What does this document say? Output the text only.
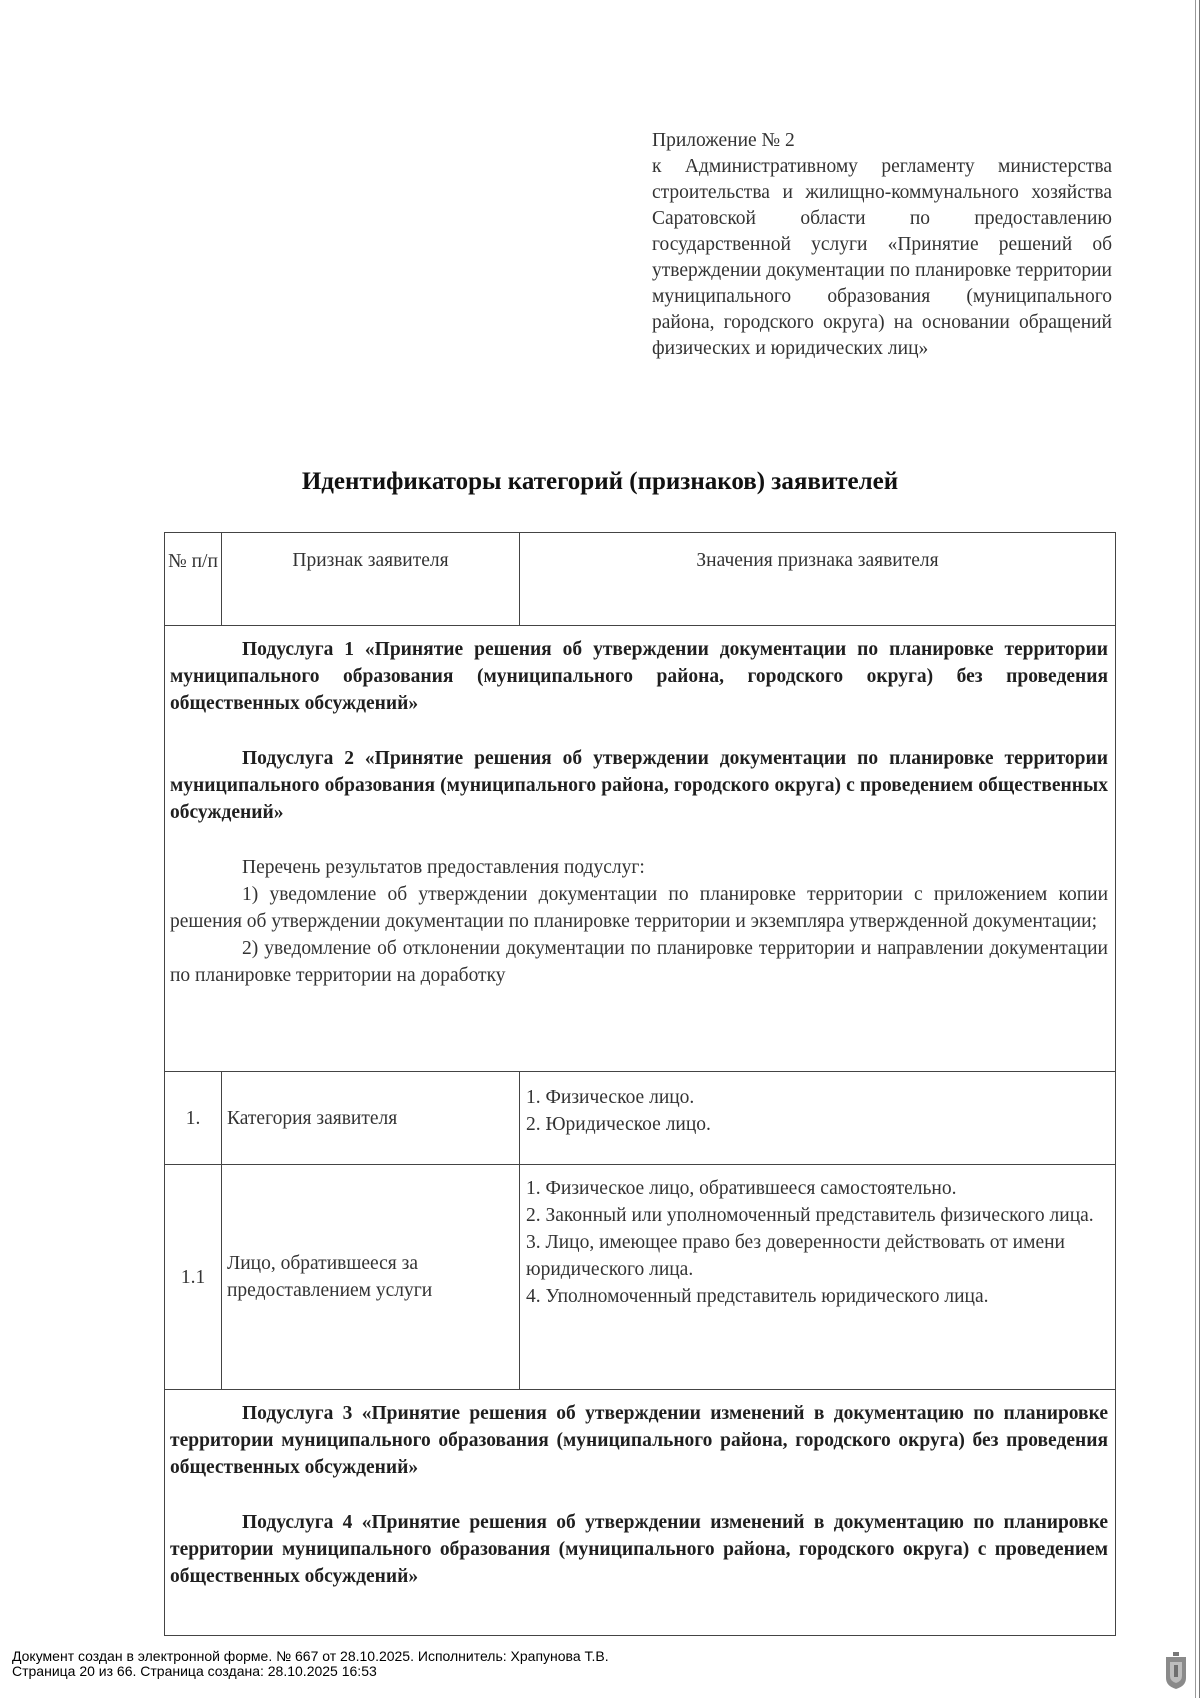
Приложение № 2
к Административному регламенту министерства строительства и жилищно-коммунального хозяйства Саратовской области по предоставлению государственной услуги «Принятие решений об утверждении документации по планировке территории муниципального образования (муниципального района, городского округа) на основании обращений физических и юридических лиц»
Идентификаторы категорий (признаков) заявителей
№ п/п	Признак заявителя	Значения признака заявителя

Подуслуга 1 «Принятие решения об утверждении документации по планировке территории муниципального образования (муниципального района, городского округа) без проведения общественных обсуждений»

Подуслуга 2 «Принятие решения об утверждении документации по планировке территории муниципального образования (муниципального района, городского округа) с проведением общественных обсуждений»

Перечень результатов предоставления подуслуг:

1) уведомление об утверждении документации по планировке территории с приложением копии решения об утверждении документации по планировке территории и экземпляра утвержденной документации;

2) уведомление об отклонении документации по планировке территории и направлении документации по планировке территории на доработку		

1.	Категория заявителя	1. Физическое лицо.

2. Юридическое лицо.

1.1	Лицо, обратившееся за предоставлением услуги	1. Физическое лицо, обратившееся самостоятельно.

2. Законный или уполномоченный представитель физического лица.

3. Лицо, имеющее право без доверенности действовать от имени юридического лица.

4. Уполномоченный представитель юридического лица.

Подуслуга 3 «Принятие решения об утверждении изменений в документацию по планировке территории муниципального образования (муниципального района, городского округа) без проведения общественных обсуждений»

Подуслуга 4 «Принятие решения об утверждении изменений в документацию по планировке территории муниципального образования (муниципального района, городского округа) с проведением общественных обсуждений»		

Документ создан в электронной форме. № 667 от 28.10.2025. Исполнитель: Храпунова Т.В.
Страница 20 из 66. Страница создана: 28.10.2025 16:53
